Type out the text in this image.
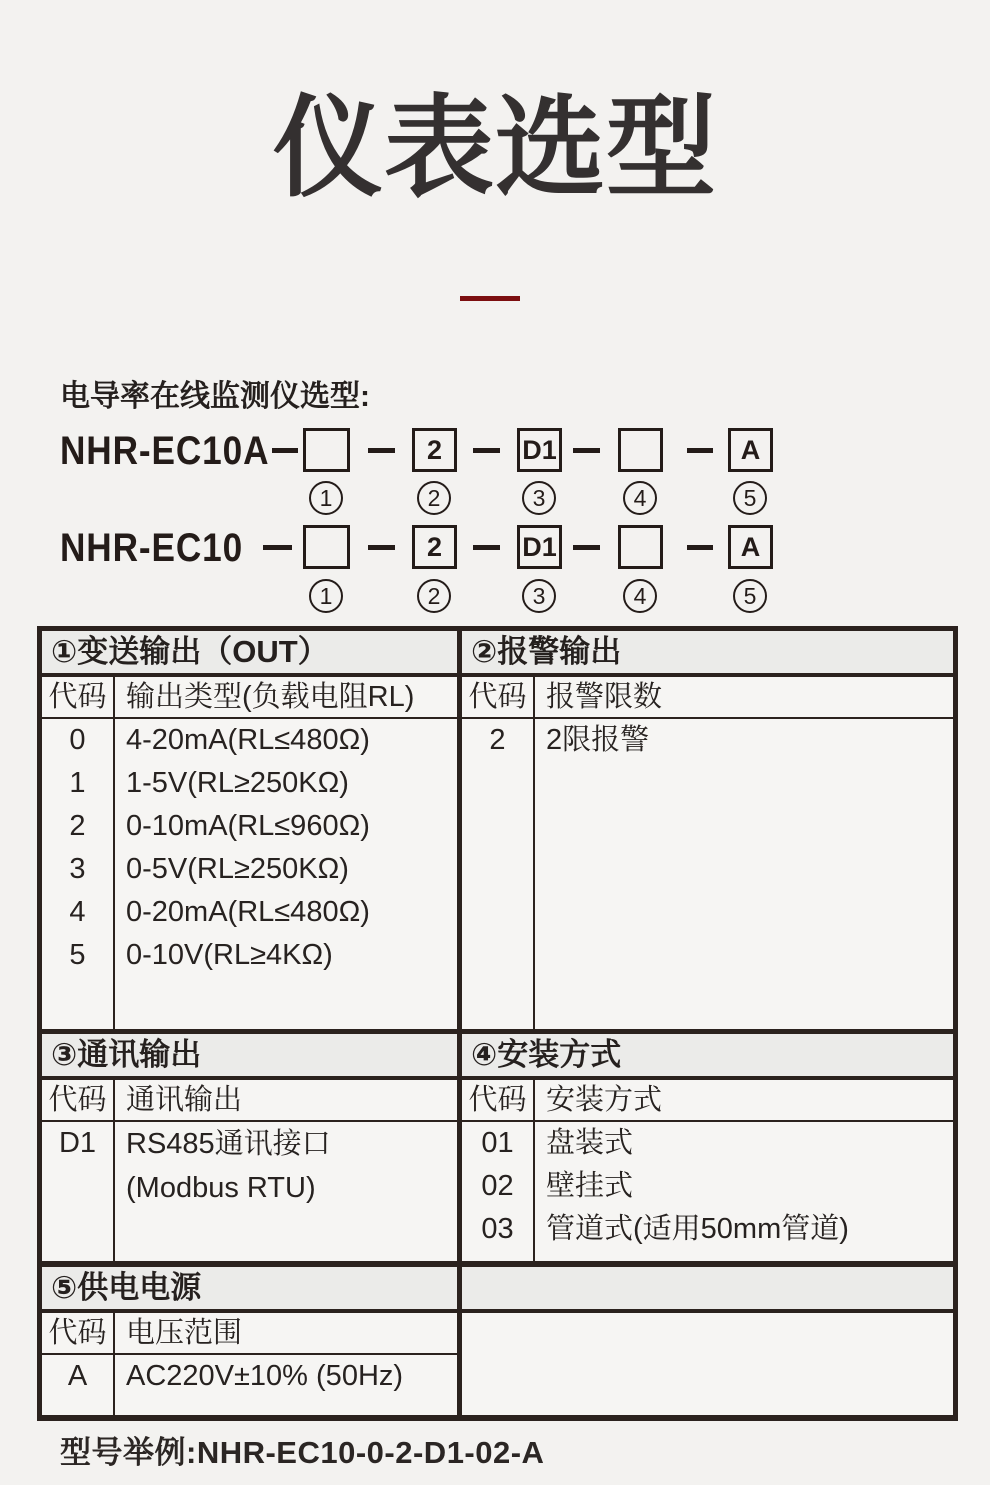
仪表选型
电导率在线监测仪选型:
NHR-EC10A	2	D1	A
1	2	3	4	5
NHR-EC10	2	D1	A
1	2	3	4	5
①变送输出（OUT）
代码 输出类型(负载电阻RL)
0	4-20mA(RL≤480Ω)
1	1-5V(RL≥250KΩ)
2	0-10mA(RL≤960Ω)
3	0-5V(RL≥250KΩ)
4	0-20mA(RL≤480Ω)
5	0-10V(RL≥4KΩ)
②报警输出
代码 报警限数
2	2限报警
③通讯输出
代码 通讯输出
D1	RS485通讯接口
(Modbus RTU)
④安装方式
代码 安装方式
01	盘装式
02	壁挂式
03	管道式(适用50mm管道)
⑤供电电源
代码 电压范围
A	AC220V±10% (50Hz)
型号举例:NHR-EC10-0-2-D1-02-A
